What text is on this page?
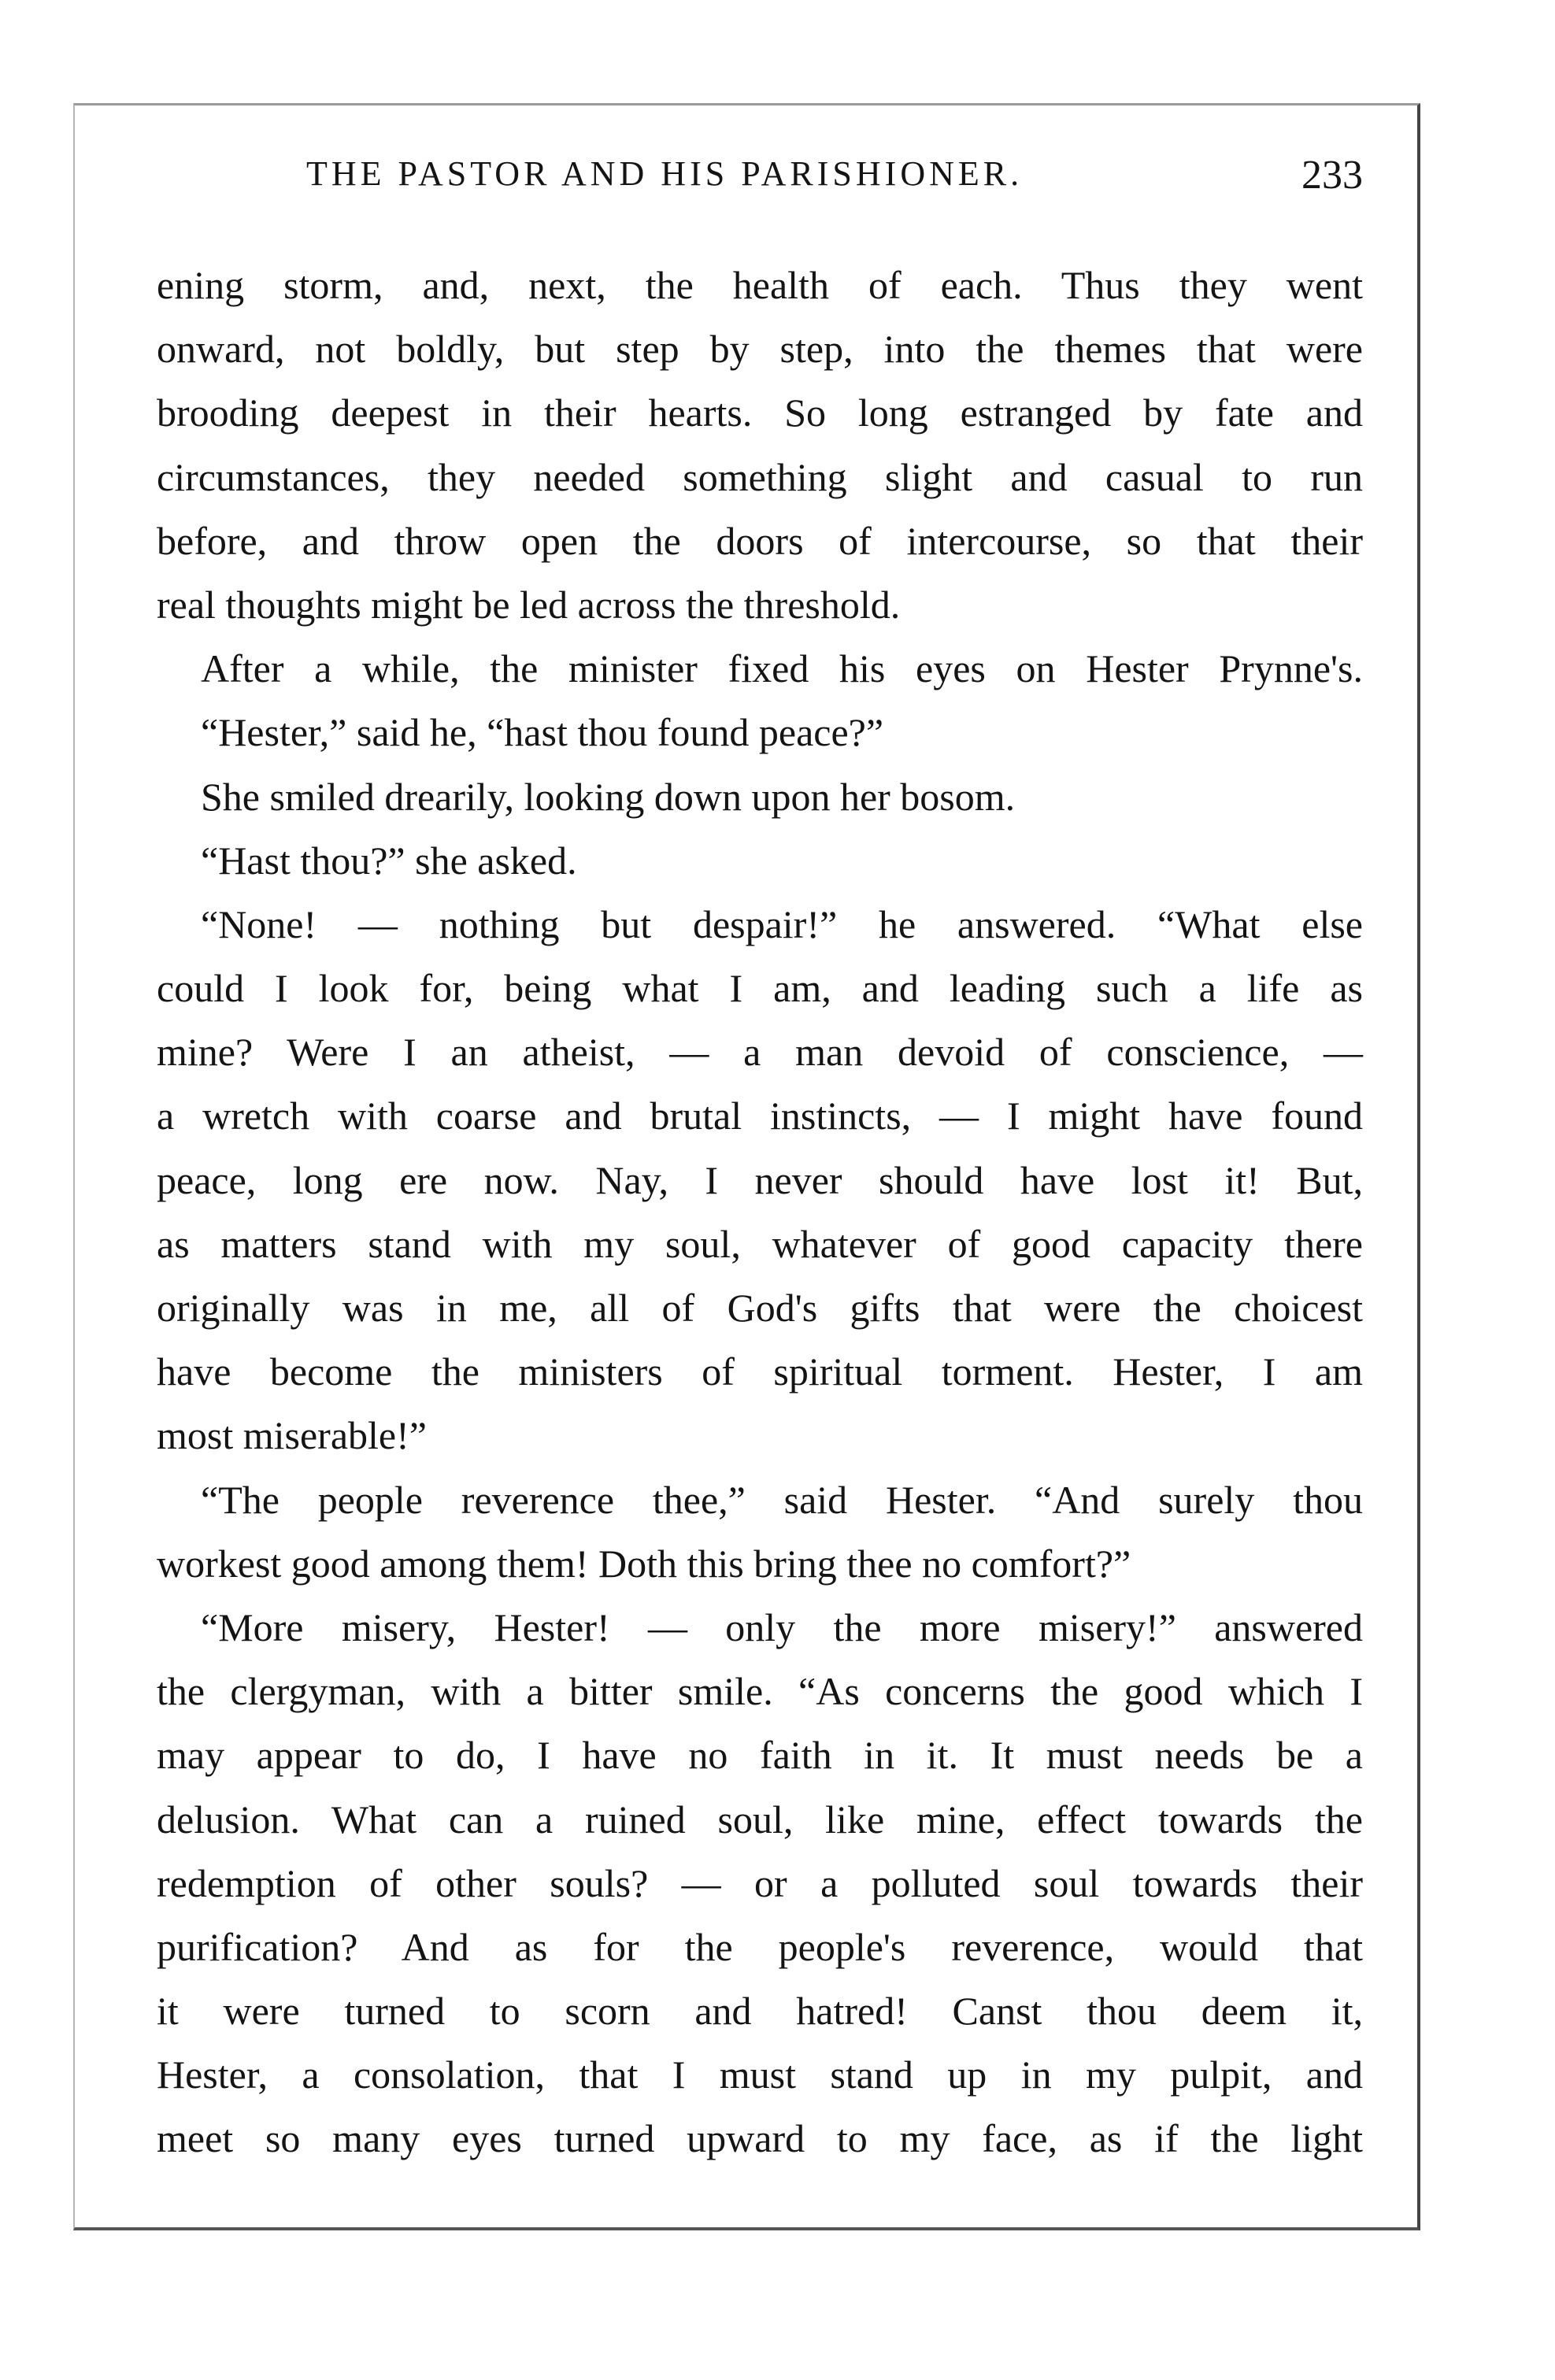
THE PASTOR AND HIS PARISHIONER.	233
ening storm, and, next, the health of each. Thus they went
onward, not boldly, but step by step, into the themes that were
brooding deepest in their hearts. So long estranged by fate and
circumstances, they needed something slight and casual to run
before, and throw open the doors of intercourse, so that their
real thoughts might be led across the threshold.
After a while, the minister fixed his eyes on Hester Prynne's.
“Hester,” said he, “hast thou found peace?”
She smiled drearily, looking down upon her bosom.
“Hast thou?” she asked.
“None! — nothing but despair!” he answered. “What else
could I look for, being what I am, and leading such a life as
mine? Were I an atheist, — a man devoid of conscience, —
a wretch with coarse and brutal instincts, — I might have found
peace, long ere now. Nay, I never should have lost it! But,
as matters stand with my soul, whatever of good capacity there
originally was in me, all of God's gifts that were the choicest
have become the ministers of spiritual torment. Hester, I am
most miserable!”
“The people reverence thee,” said Hester. “And surely thou
workest good among them! Doth this bring thee no comfort?”
“More misery, Hester! — only the more misery!” answered
the clergyman, with a bitter smile. “As concerns the good which I
may appear to do, I have no faith in it. It must needs be a
delusion. What can a ruined soul, like mine, effect towards the
redemption of other souls? — or a polluted soul towards their
purification? And as for the people's reverence, would that
it were turned to scorn and hatred! Canst thou deem it,
Hester, a consolation, that I must stand up in my pulpit, and
meet so many eyes turned upward to my face, as if the light
